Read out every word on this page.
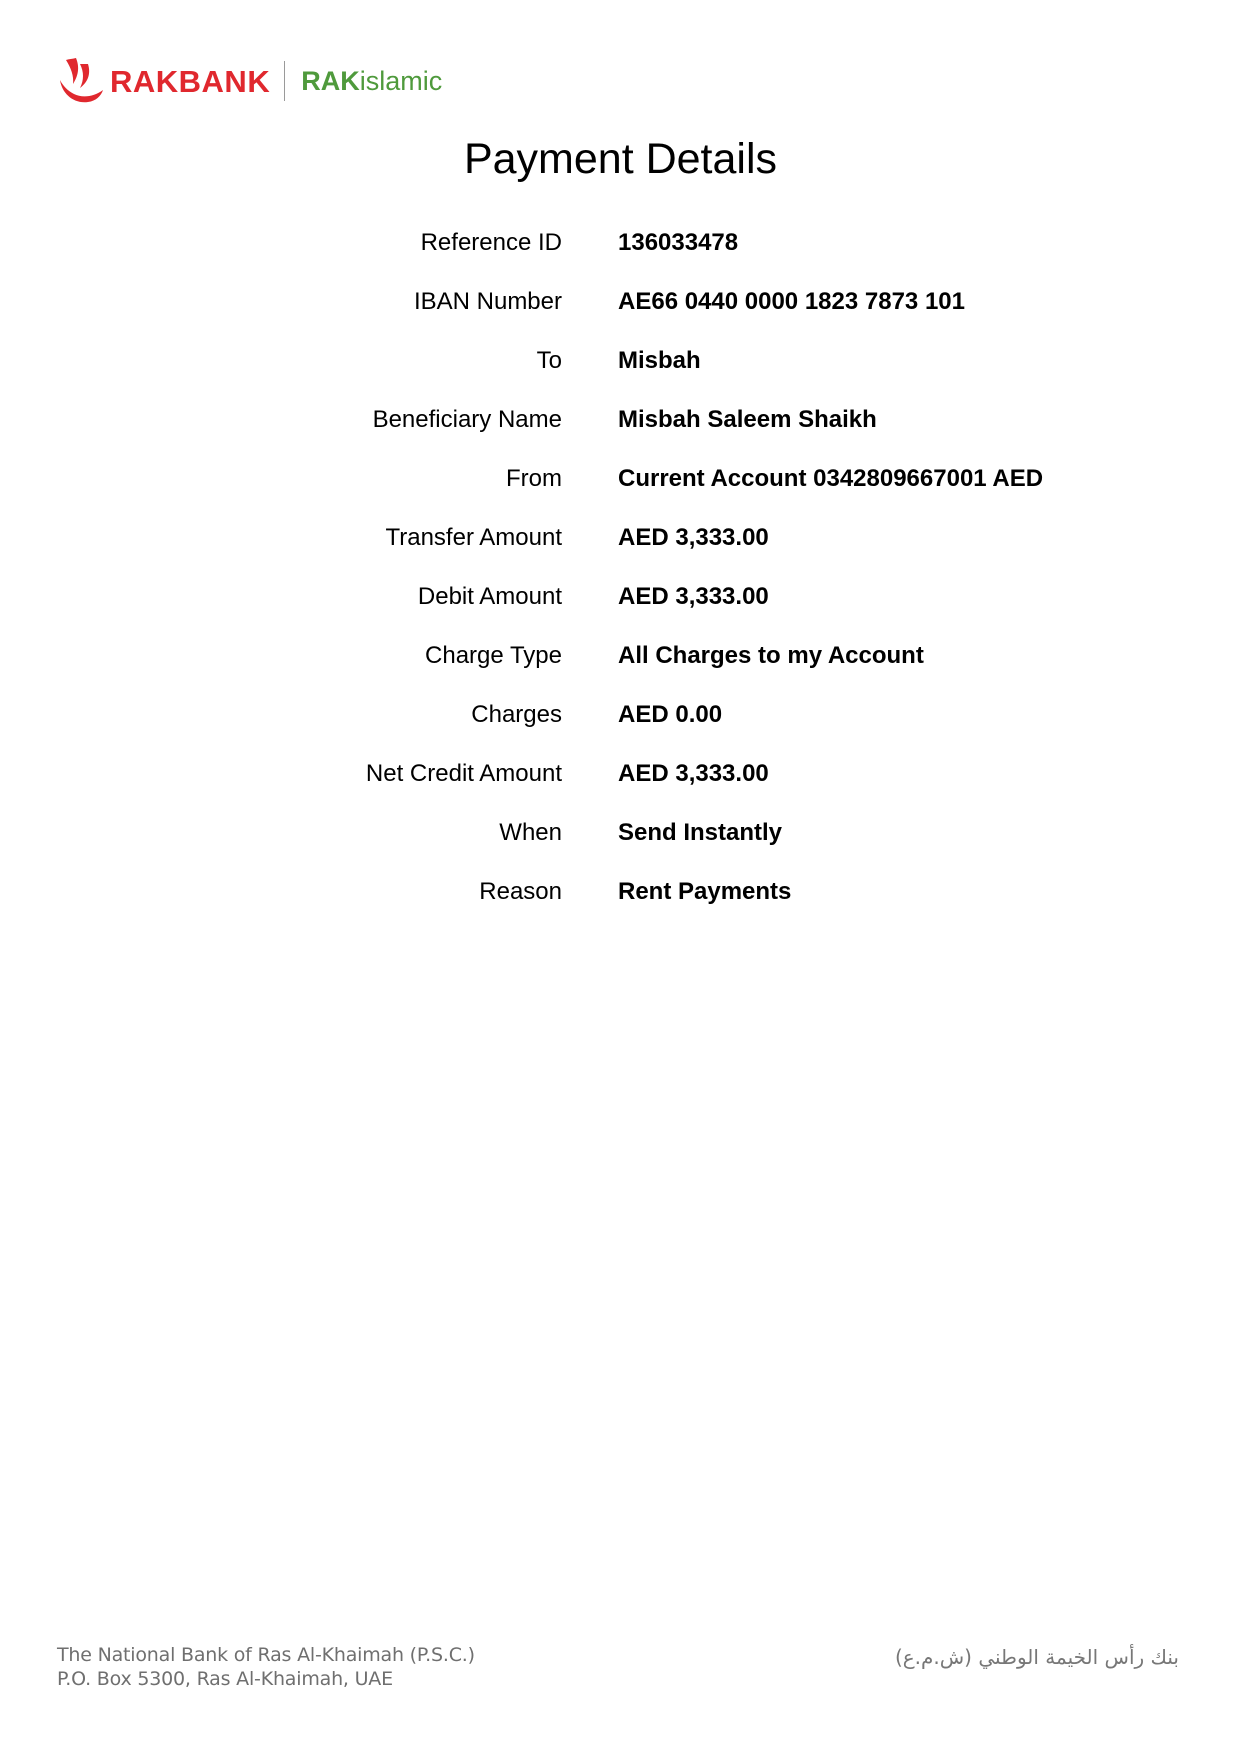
RAKBANK RAK islamic
Payment Details
Reference ID	136033478
IBAN Number	AE66 0440 0000 1823 7873 101
To	Misbah
Beneficiary Name	Misbah Saleem Shaikh
From	Current Account 0342809667001 AED
Transfer Amount	AED 3,333.00
Debit Amount	AED 3,333.00
Charge Type	All Charges to my Account
Charges	AED 0.00
Net Credit Amount	AED 3,333.00
When	Send Instantly
Reason	Rent Payments
The National Bank of Ras Al-Khaimah (P.S.C.)
P.O. Box 5300, Ras Al-Khaimah, UAE
بنك رأس الخيمة الوطني (ش.م.ع)
